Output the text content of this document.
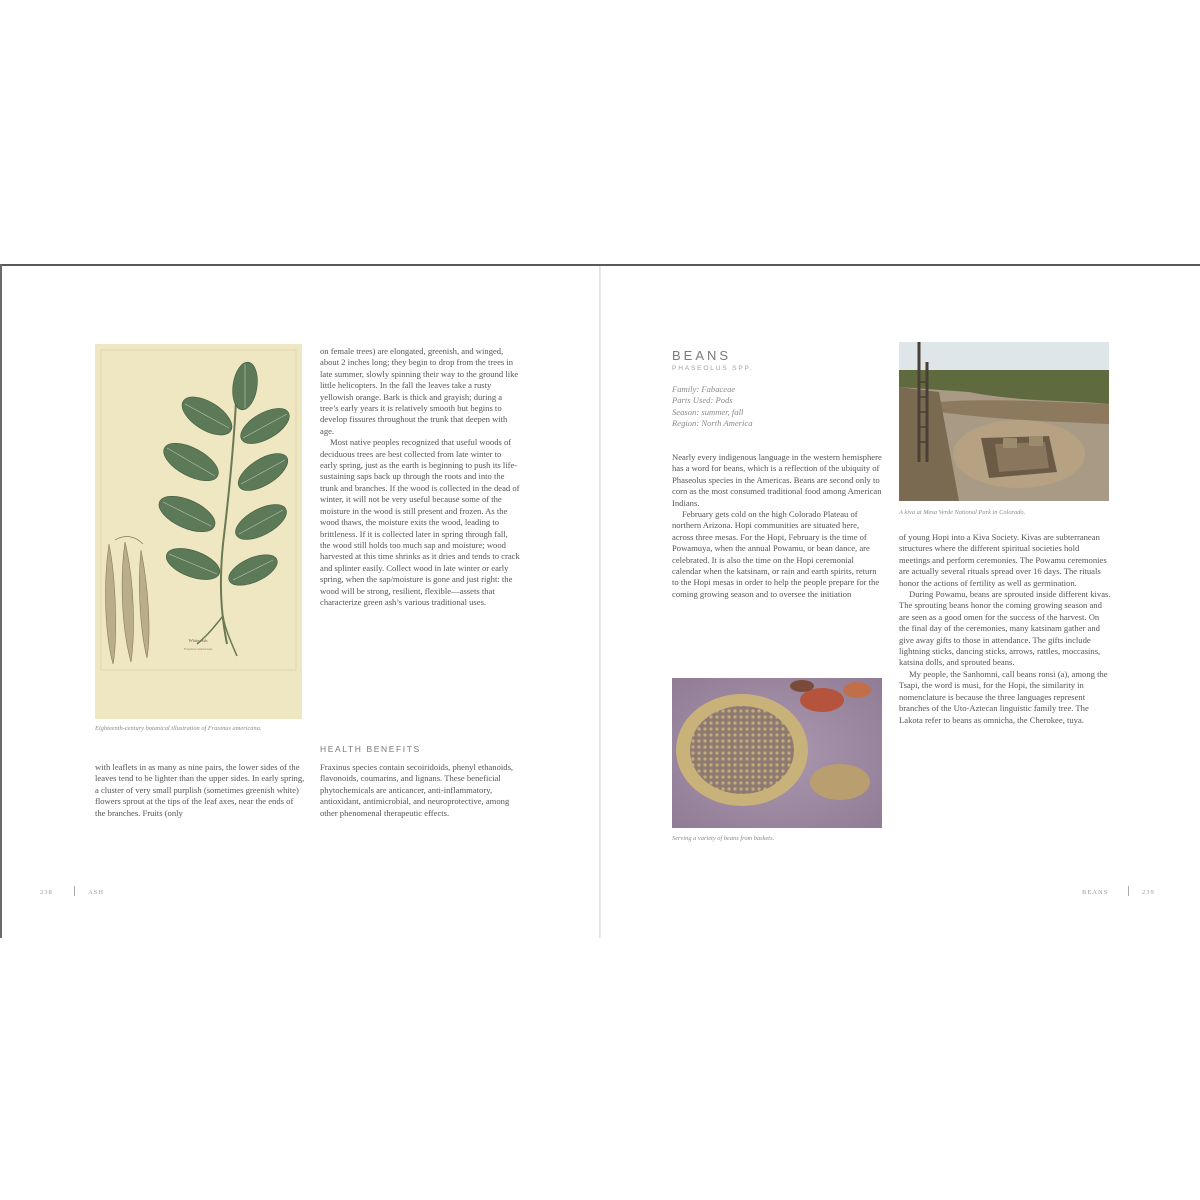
White Ash
Fraxinus americana
Eighteenth-century botanical illustration of Fraxinus americana.

with leaflets in as many as nine pairs, the lower sides of the leaves tend to be lighter than the upper sides. In early spring, a cluster of very small purplish (sometimes greenish white) flowers sprout at the tips of the leaf axes, near the ends of the branches. Fruits (only

on female trees) are elongated, greenish, and winged, about 2 inches long; they begin to drop from the trees in late summer, slowly spinning their way to the ground like little helicopters. In the fall the leaves take a rusty yellowish orange. Bark is thick and grayish; during a tree’s early years it is relatively smooth but begins to develop fissures throughout the trunk that deepen with age.

Most native peoples recognized that useful woods of deciduous trees are best collected from late winter to early spring, just as the earth is beginning to push its life-sustaining saps back up through the roots and into the trunk and branches. If the wood is collected in the dead of winter, it will not be very useful because some of the moisture in the wood is still present and frozen. As the wood thaws, the moisture exits the wood, leading to brittleness. If it is collected later in spring through fall, the wood still holds too much sap and moisture; wood harvested at this time shrinks as it dries and tends to crack and splinter easily. Collect wood in late winter or early spring, when the sap/moisture is gone and just right: the wood will be strong, resilient, flexible—assets that characterize green ash’s various traditional uses.

HEALTH BENEFITS

Fraxinus species contain secoiridoids, phenyl ethanoids, flavonoids, coumarins, and lignans. These beneficial phytochemicals are anticancer, anti-inflammatory, antioxidant, antimicrobial, and neuroprotective, among other phenomenal therapeutic effects.

238	ASH
BEANS
PHASEOLUS SPP.
Family: Fabaceae
Parts Used: Pods
Season: summer, fall
Region: North America

Nearly every indigenous language in the western hemisphere has a word for beans, which is a reflection of the ubiquity of Phaseolus species in the Americas. Beans are second only to corn as the most consumed traditional food among American Indians.

February gets cold on the high Colorado Plateau of northern Arizona. Hopi communities are situated here, across three mesas. For the Hopi, February is the time of Powamuya, when the annual Powamu, or bean dance, are celebrated. It is also the time on the Hopi ceremonial calendar when the katsinam, or rain and earth spirits, return to the Hopi mesas in order to help the people prepare for the coming growing season and to oversee the initiation

A kiva at Mesa Verde National Park in Colorado.
Serving a variety of beans from baskets.

of young Hopi into a Kiva Society. Kivas are subterranean structures where the different spiritual societies hold meetings and perform ceremonies. The Powamu ceremonies are actually several rituals spread over 16 days. The rituals honor the actions of fertility as well as germination.

During Powamu, beans are sprouted inside different kivas. The sprouting beans honor the coming growing season and are seen as a good omen for the success of the harvest. On the final day of the ceremonies, many katsinam gather and give away gifts to those in attendance. The gifts include lightning sticks, dancing sticks, arrows, rattles, moccasins, katsina dolls, and sprouted beans.

My people, the Sanhomni, call beans ronsi (a), among the Tsapi, the word is musi, for the Hopi, the similarity in nomenclature is because the three languages represent branches of the Uto-Aztecan linguistic family tree. The Lakota refer to beans as omnicha, the Cherokee, tuya.

BEANS	239
